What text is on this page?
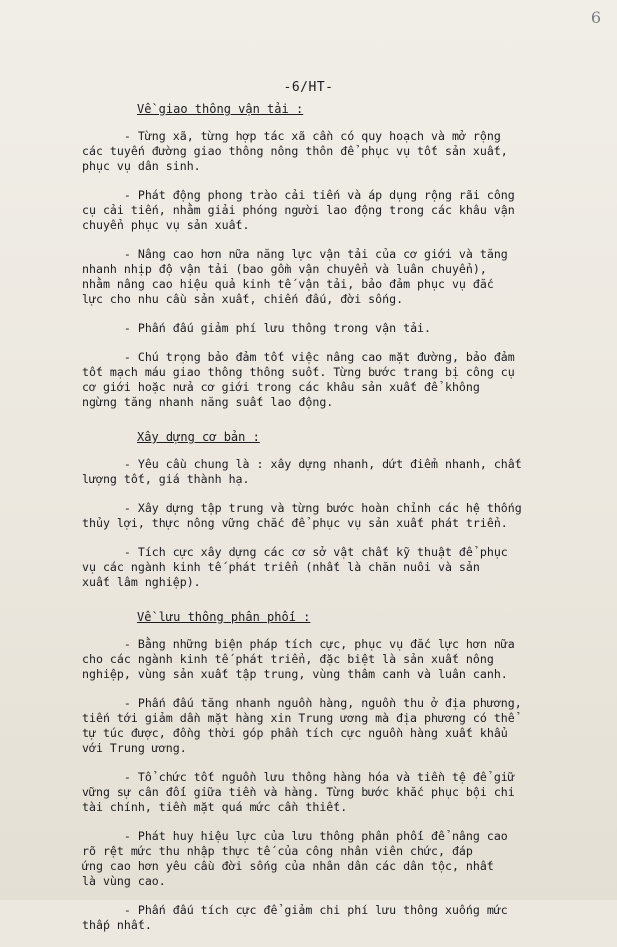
6
-6/HT-
Về giao thông vận tải :

- Từng xã, từng hợp tác xã cần có quy hoạch và mở rộng
các tuyến đường giao thông nông thôn để phục vụ tốt sản xuất,
phục vụ dân sinh.

- Phát động phong trào cải tiến và áp dụng rộng rãi công
cụ cải tiến, nhằm giải phóng người lao động trong các khâu vận
chuyển phục vụ sản xuất.

- Nâng cao hơn nữa năng lực vận tải của cơ giới và tăng
nhanh nhịp độ vận tải (bao gồm vận chuyển và luân chuyển),
nhằm nâng cao hiệu quả kinh tế vận tải, bảo đảm phục vụ đắc
lực cho nhu cầu sản xuất, chiến đấu, đời sống.

- Phấn đấu giảm phí lưu thông trong vận tải.

- Chú trọng bảo đảm tốt việc nâng cao mặt đường, bảo đảm
tốt mạch máu giao thông thông suốt. Từng bước trang bị công cụ
cơ giới hoặc nửa cơ giới trong các khâu sản xuất để không
ngừng tăng nhanh năng suất lao động.

Xây dựng cơ bản :

- Yêu cầu chung là : xây dựng nhanh, dứt điểm nhanh, chất
lượng tốt, giá thành hạ.

- Xây dựng tập trung và từng bước hoàn chỉnh các hệ thống
thủy lợi, thực nông vững chắc để phục vụ sản xuất phát triển.

- Tích cực xây dựng các cơ sở vật chất kỹ thuật để phục
vụ các ngành kinh tế phát triển (nhất là chăn nuôi và sản
xuất lâm nghiệp).

Về lưu thông phân phối :

- Bằng những biện pháp tích cực, phục vụ đắc lực hơn nữa
cho các ngành kinh tế phát triển, đặc biệt là sản xuất nông
nghiệp, vùng sản xuất tập trung, vùng thâm canh và luân canh.

- Phấn đấu tăng nhanh nguồn hàng, nguồn thu ở địa phương,
tiến tới giảm dần mặt hàng xin Trung ương mà địa phương có thể
tự túc được, đồng thời góp phần tích cực nguồn hàng xuất khẩu
với Trung ương.

- Tổ chức tốt nguồn lưu thông hàng hóa và tiền tệ để giữ
vững sự cân đối giữa tiền và hàng. Từng bước khắc phục bội chi
tài chính, tiền mặt quá mức cần thiết.

- Phát huy hiệu lực của lưu thông phân phối để nâng cao
rõ rệt mức thu nhập thực tế của công nhân viên chức, đáp
ứng cao hơn yêu cầu đời sống của nhân dân các dân tộc, nhất
là vùng cao.

- Phấn đấu tích cực để giảm chi phí lưu thông xuống mức
thấp nhất.
